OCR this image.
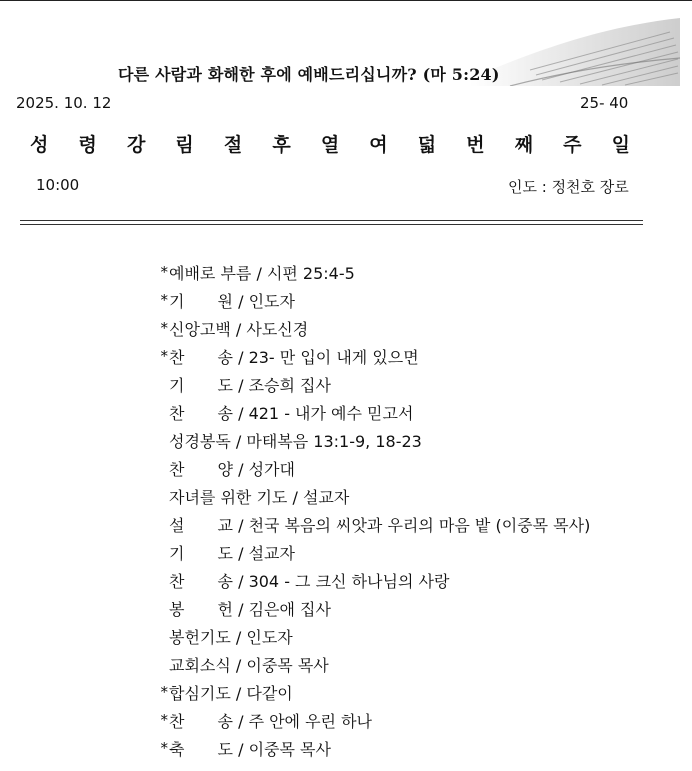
다른 사람과 화해한 후에 예배드리십니까? (마 5:24)
2025. 10. 12	25- 40
성 령 강 림 절 후 열 여 덟 번 째 주 일
10:00	인도 : 정천호 장로
* 예배로 부름 / 시편 25:4-5
* 기 원 / 인도자
* 신앙고백 / 사도신경
* 찬 송 / 23- 만 입이 내게 있으면
기 도 / 조승희 집사
찬 송 / 421 - 내가 예수 믿고서
성경봉독 / 마태복음 13:1-9, 18-23
찬 양 / 성가대
자녀를 위한 기도 / 설교자
설 교 / 천국 복음의 씨앗과 우리의 마음 밭 (이중목 목사)
기 도 / 설교자
찬 송 / 304 - 그 크신 하나님의 사랑
봉 헌 / 김은애 집사
봉헌기도 / 인도자
교회소식 / 이중목 목사
* 합심기도 / 다같이
* 찬 송 / 주 안에 우린 하나
* 축 도 / 이중목 목사
